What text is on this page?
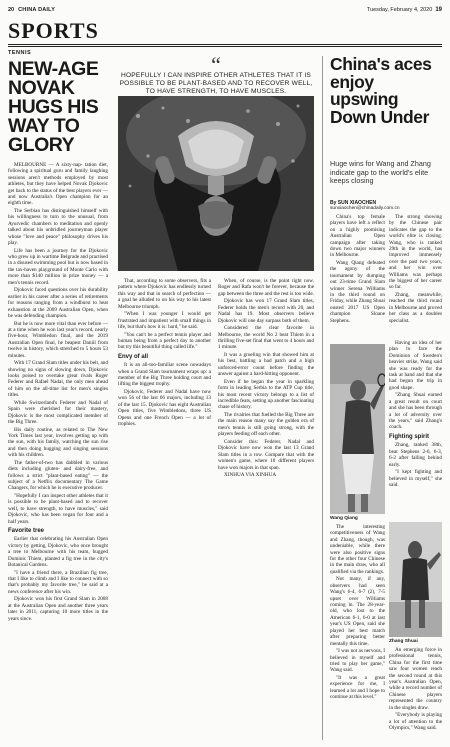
20 CHINA DAILY	Tuesday, February 4, 2020 19
SPORTS
TENNIS
NEW-AGE NOVAK HUGS HIS WAY TO GLORY
“
HOPEFULLY I CAN INSPIRE OTHER ATHLETES THAT IT IS POSSIBLE TO BE PLANT-BASED AND TO RECOVER WELL, TO HAVE STRENGTH, TO HAVE MUSCLES.

MELBOURNE — A sixty-nap- tation diet, following a spiritual guru and family laughing sessions aren't methods employed by most athletes, but they have helped Novak Djokovic get back to the status of the best players ever — and now Australia's Open champion for an eighth time.

The Serbian has distinguished himself with his willingness to turn to the unusual, from Ayurvedic chambers to meditation and openly talked about his unbridled journeyman player whose "love and peace" philosophy drives his play.

Life has been a journey for the Djokovic who grew up in wartime Belgrade and practised in a disused swimming pool but is now based in the tax-haven playground of Monte Carlo with more than $140 million in prize money — a men's tennis record.

Djokovic faced questions over his durability earlier in his career after a series of retirements for reasons ranging from a windburst to heat exhaustion at the 2009 Australian Open, when he was defending champion.

But he is now more vital than ever before — at a time when he won last year's record, nearly five-hour, Wimbledon final, and the 2019 Australian Open final, he beapest Daniil from twelve in history, which stretched to 5 hours 53 minutes.

With 17 Grand Slam titles under his belt, and showing no signs of slowing down, Djokovic looks poised to overtake great rivals Roger Federer and Rafael Nadal, the only men ahead of him on the all-time list for men's singles titles.

While Switzerland's Federer and Nadal of Spain were cherished for their mastery, Djokovic is the most complicated member of the Big Three.

His daily routine, as related to The New York Times last year, involves getting up with the sun, with his family, watching the sun rise and then doing hugging and singing sessions with his children.

The father-of-two has dabbled in various diets including gluten- and dairy-free, and follows a strict "plant-based eating" — the subject of a Netflix documentary The Game Changers, for which he is executive producer.

"Hopefully I can inspect other athletes that it is possible to be plant-based and to recover well, to have strength, to have muscles," said Djokovic, who has been vegan for four and a half years.

Favorite tree

Earlier that celebrating his Australian Open victory by getting, Djokovic, who once brought a tree to Melbourne with his team, hugged Dominic Thiem, planted a fig tree in the city's Botanical Gardens.

"I have a friend there, a Brazilian fig tree, that I like to climb and I like to connect with so that's probably my favorite tree," he said at a news conference after his win.

Djokovic won his first Grand Slam in 2008 at the Australian Open and another three years later in 2011, capturing 10 more titles in the years since.

That, according to some observers, fits a pattern where Djokovic has endlessly turned this way and that in search of perfection — a goal he alluded to on his way to his latest Melbourne triumph.

"When I was younger I would get frustrated and impatient with small things in life, but that's how it is: hard," he said.

"You can't be a perfect tennis player and human being from a perfect day to another but try this beautiful thing called life."

Envy of all

It is an all-too-familiar scene nowadays when a Grand Slam tournament wraps up: a member of the Big Three holding court and lifting the biggest trophy.

Djokovic, Federer and Nadal have now won 56 of the last 66 majors, including 13 of the last 15. Djokovic has eight Australian Open titles, five Wimbledons, three US Opens and one French Open — a lot of trophies.

When, of course, is the point right now. Roger and Rafa won't be forever, because the gap between the three and the rest is too wide.

Djokovic has won 17 Grand Slam titles, Federer holds the men's record with 20, and Nadal has 19. Most observers believe Djokovic will one day surpass both of them.

Considered the clear favorite in Melbourne, the world No 2 beat Thiem in a thrilling five-set final that went to 4 hours and 1 minute.

It was a grueling win that showed him at his best, battling a bad patch and a high unforced-error count before finding the answer against a hard-hitting opponent.

Even if he began the year in sparkling form in leading Serbia to the ATP Cup title, his most recent victory belongs to a list of incredible feats, setting up another fascinating chase of history.

The rivalries that fuelled the Big Three are the main reason many say the golden era of men's tennis is still going strong, with the players feeding off each other.

Consider this: Federer, Nadal and Djokovic have now won the last 13 Grand Slam titles in a row. Compare that with the women's game, where 10 different players have won majors in that span.

XINHUA VIA XINHUA

China's aces enjoy upswing Down Under
Huge wins for Wang and Zhang indicate gap to the world's elite keeps closing
By SUN XIAOCHEN
sunxiaochen@chinadaily.com.cn

China's top female players have left a reflect on a highly promising Australian Open campaign after taking down two major winners in Melbourne.

Wang Qiang defeated the agony of the tournament by dumping out 23-time Grand Slam winner Serena Williams in the third round on Friday, while Zhang Shuai ousted 2017 US Open champion Sloane Stephens.

The strong showing by the Chinese pair indicates the gap to the world's elite is closing. Wang, who is ranked 29th in the world, has improved immensely over the past two years, and her win over Williams was perhaps the biggest of her career so far.

Zhang, meanwhile, reached the third round in Melbourne and proved her class as a doubles specialist.

Wang Qiang

The interesting competitiveness of Wang and Zhang, though, was undeniable, while there were also positive signs for the other four Chinese in the main draw, who all qualified via the rankings.

Not many, if any, observers had seen Wang's 6-4, 6-7 (2), 7-5 upset over Williams coming in. The 28-year-old, who lost to the American 6-1, 6-0 at last year's US Open, said she played her best match after preparing better mentally this time.

"I was not as nervous, I believed in myself and tried to play her game," Wang said.

"It was a great experience for me, I learned a lot and I hope to continue at this level."

Having an idea of her plan to face the Dominion of Sweden's heavier strike, Wang said she was ready for the task at hand and that she had begun the trip in good shape.

"Zhang Shuai earned a great result on court and she has been through a lot of adversity over the years," said Zhang's coach.

Fighting spirit

Zhang, ranked 38th, beat Stephens 2-6, 6-3, 6-2 after falling behind early.

"I kept fighting and believed in myself," she said.

Zhang Shuai

An emerging force in professional tennis, China for the first time saw four women reach the second round at this year's Australian Open, while a record number of Chinese players represented the country in the singles draw.

"Everybody is playing a lot of attention to the Olympics," Wang said.
